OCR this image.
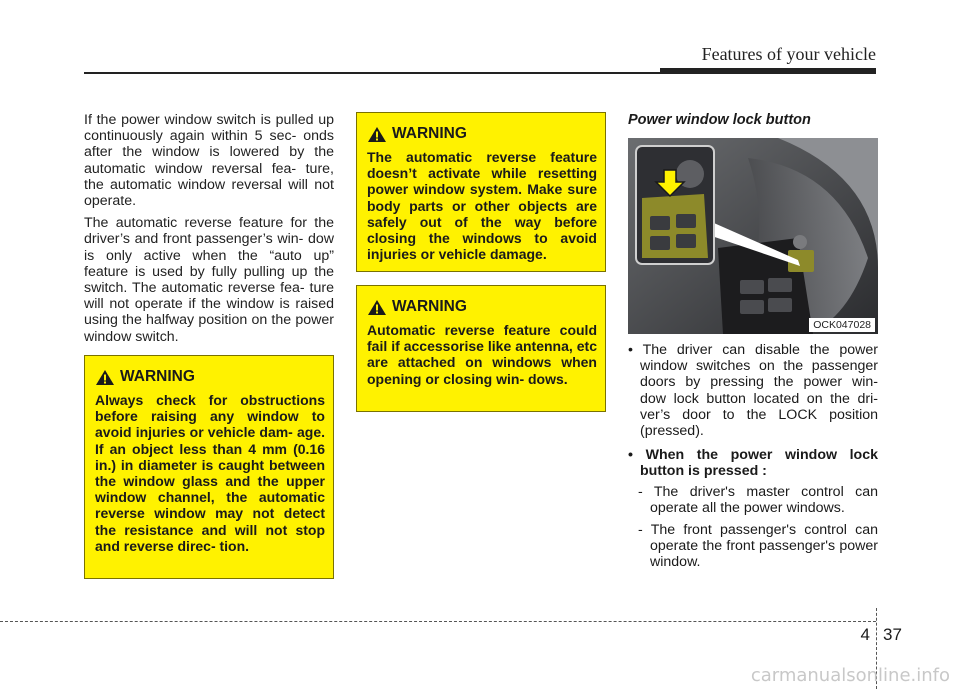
Features of your vehicle

If the power window switch is pulled up continuously again within 5 sec- onds after the window is lowered by the automatic window reversal fea- ture, the automatic window reversal will not operate.

The automatic reverse feature for the driver’s and front passenger’s win- dow is only active when the “auto up” feature is used by fully pulling up the switch. The automatic reverse fea- ture will not operate if the window is raised using the halfway position on the power window switch.

WARNING

Always check for obstructions before raising any window to avoid injuries or vehicle dam- age. If an object less than 4 mm (0.16 in.) in diameter is caught between the window glass and the upper window channel, the automatic reverse window may not detect the resistance and will not stop and reverse direc- tion.

WARNING

The automatic reverse feature doesn’t activate while resetting power window system. Make sure body parts or other objects are safely out of the way before closing the windows to avoid injuries or vehicle damage.

WARNING

Automatic reverse feature could fail if accessorise like antenna, etc are attached on windows when opening or closing win- dows.

Power window lock button

OCK047028

• The driver can disable the power window switches on the passenger doors by pressing the power win- dow lock button located on the dri- ver’s door to the LOCK position (pressed).

• When the power window lock button is pressed :

- The driver's master control can operate all the power windows.

- The front passenger's control can operate the front passenger's power window.

4 37
carmanualsonline.info
